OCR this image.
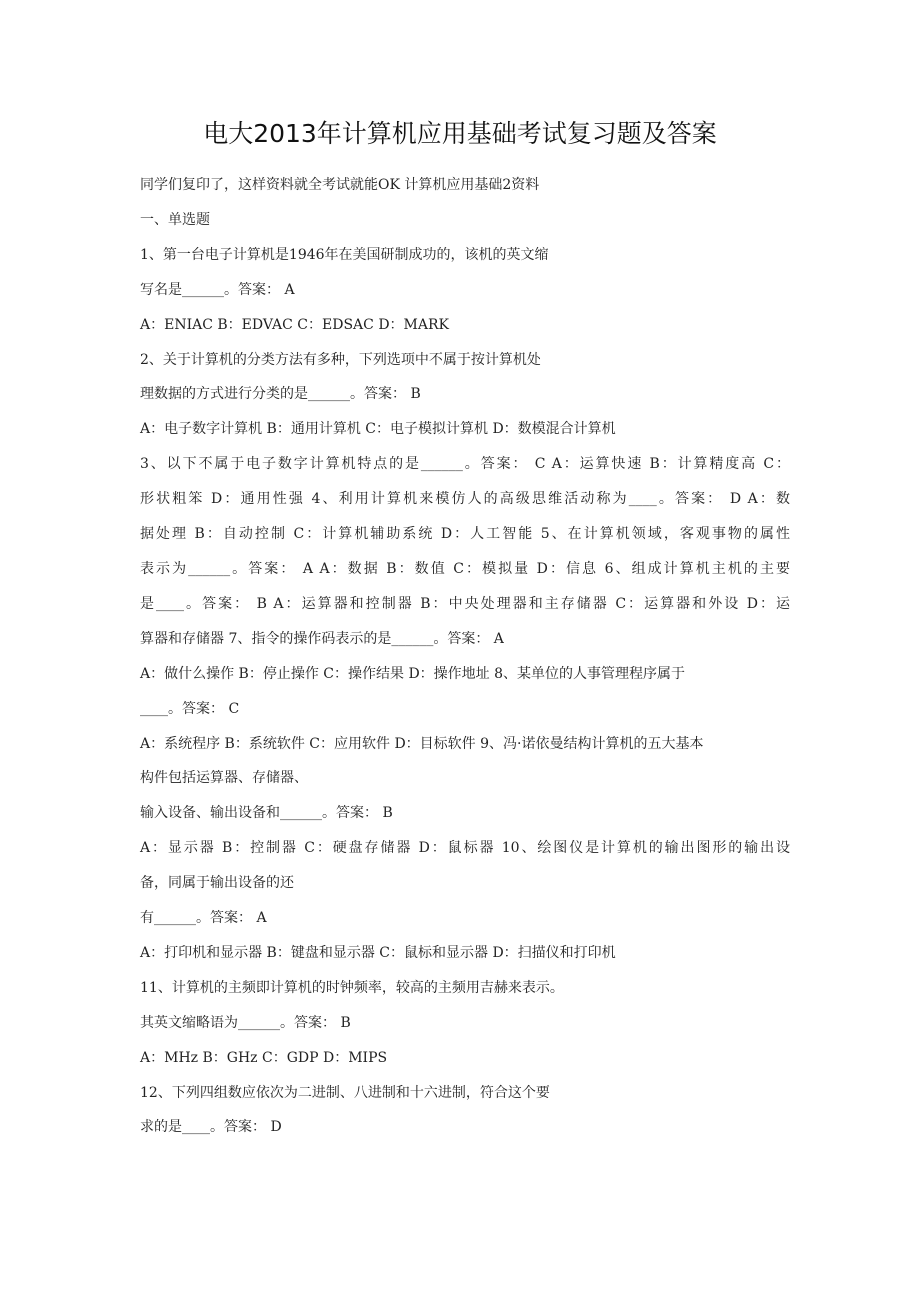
电大2013年计算机应用基础考试复习题及答案

同学们复印了，这样资料就全考试就能OK 计算机应用基础2资料

一、单选题

1、第一台电子计算机是1946年在美国研制成功的，该机的英文缩

写名是______。答案： A

A：ENIAC B：EDVAC C：EDSAC D：MARK

2、关于计算机的分类方法有多种，下列选项中不属于按计算机处

理数据的方式进行分类的是______。答案： B

A：电子数字计算机 B：通用计算机 C：电子模拟计算机 D：数模混合计算机

3、以下不属于电子数字计算机特点的是______。答案： C A：运算快速 B：计算精度高 C：

形状粗笨 D：通用性强 4、利用计算机来模仿人的高级思维活动称为____。答案： D A：数

据处理 B：自动控制 C：计算机辅助系统 D：人工智能 5、在计算机领域，客观事物的属性

表示为______。答案： A A：数据 B：数值 C：模拟量 D：信息 6、组成计算机主机的主要

是____。答案： B A：运算器和控制器 B：中央处理器和主存储器 C：运算器和外设 D：运

算器和存储器 7、指令的操作码表示的是______。答案： A

A：做什么操作 B：停止操作 C：操作结果 D：操作地址 8、某单位的人事管理程序属于

____。答案： C

A：系统程序 B：系统软件 C：应用软件 D：目标软件 9、冯·诺依曼结构计算机的五大基本

构件包括运算器、存储器、

输入设备、输出设备和______。答案： B

A：显示器 B：控制器 C：硬盘存储器 D：鼠标器 10、绘图仪是计算机的输出图形的输出设

备，同属于输出设备的还

有______。答案： A

A：打印机和显示器 B：键盘和显示器 C：鼠标和显示器 D：扫描仪和打印机

11、计算机的主频即计算机的时钟频率，较高的主频用吉赫来表示。

其英文缩略语为______。答案： B

A：MHz B：GHz C：GDP D：MIPS

12、下列四组数应依次为二进制、八进制和十六进制，符合这个要

求的是____。答案： D
